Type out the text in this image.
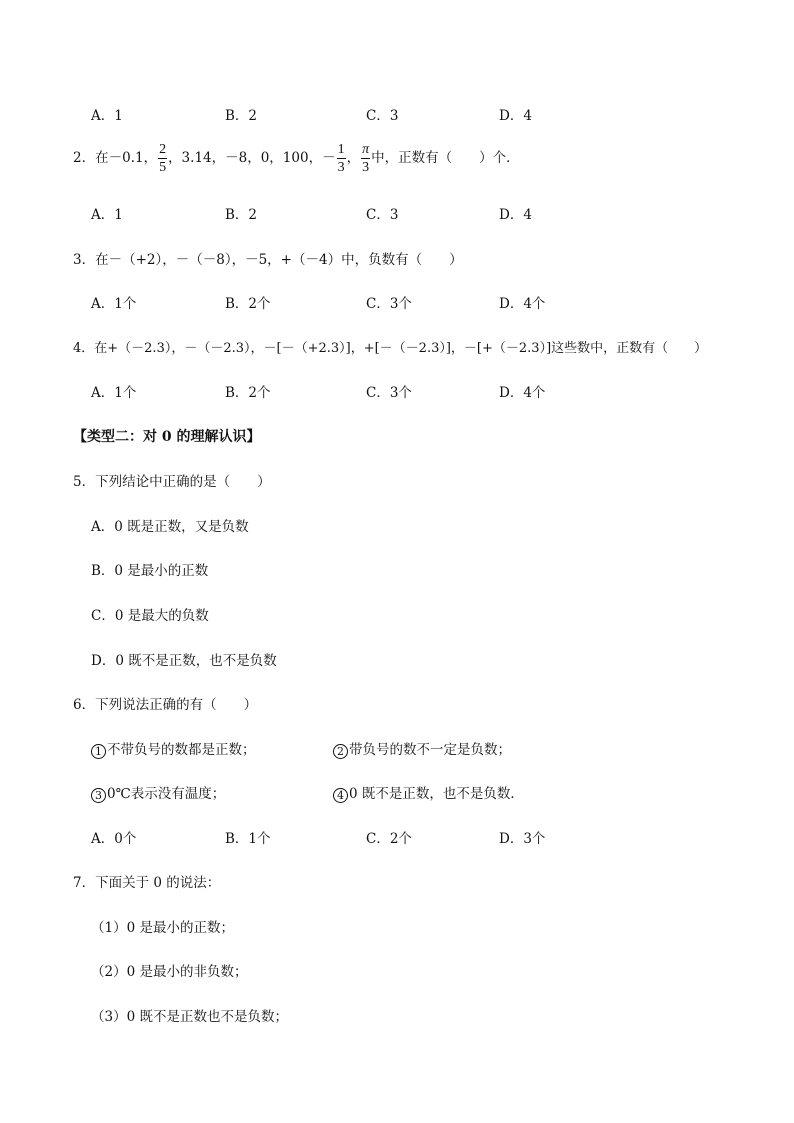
A．1	B．2	C．3	D．4
2．在－0.1， $\frac{2}{5}$ ，3.14，－8，0，100，－ $\frac{1}{3}$ ， $\frac{\pi}{3}$ 中，正数有（　　）个．
A．1	B．2	C．3	D．4
3．在－（+2），－（－8），－5，+（－4）中，负数有（　　）
A．1个	B．2个	C．3个	D．4个
4．在+（－2.3），－（－2.3），－[－（+2.3）]，+[－（－2.3）]，－[+（－2.3）]这些数中，正数有（　　）
A．1个	B．2个	C．3个	D．4个
【类型二：对 0 的理解认识】
5．下列结论中正确的是（　　）
A．0 既是正数，又是负数
B．0 是最小的正数
C．0 是最大的负数
D．0 既不是正数，也不是负数
6．下列说法正确的有（　　）
1 不带负号的数都是正数；	2 带负号的数不一定是负数；
3 0℃表示没有温度；	4 0 既不是正数，也不是负数．
A．0个	B．1个	C．2个	D．3个
7．下面关于 0 的说法：
（1）0 是最小的正数；
（2）0 是最小的非负数；
（3）0 既不是正数也不是负数；
